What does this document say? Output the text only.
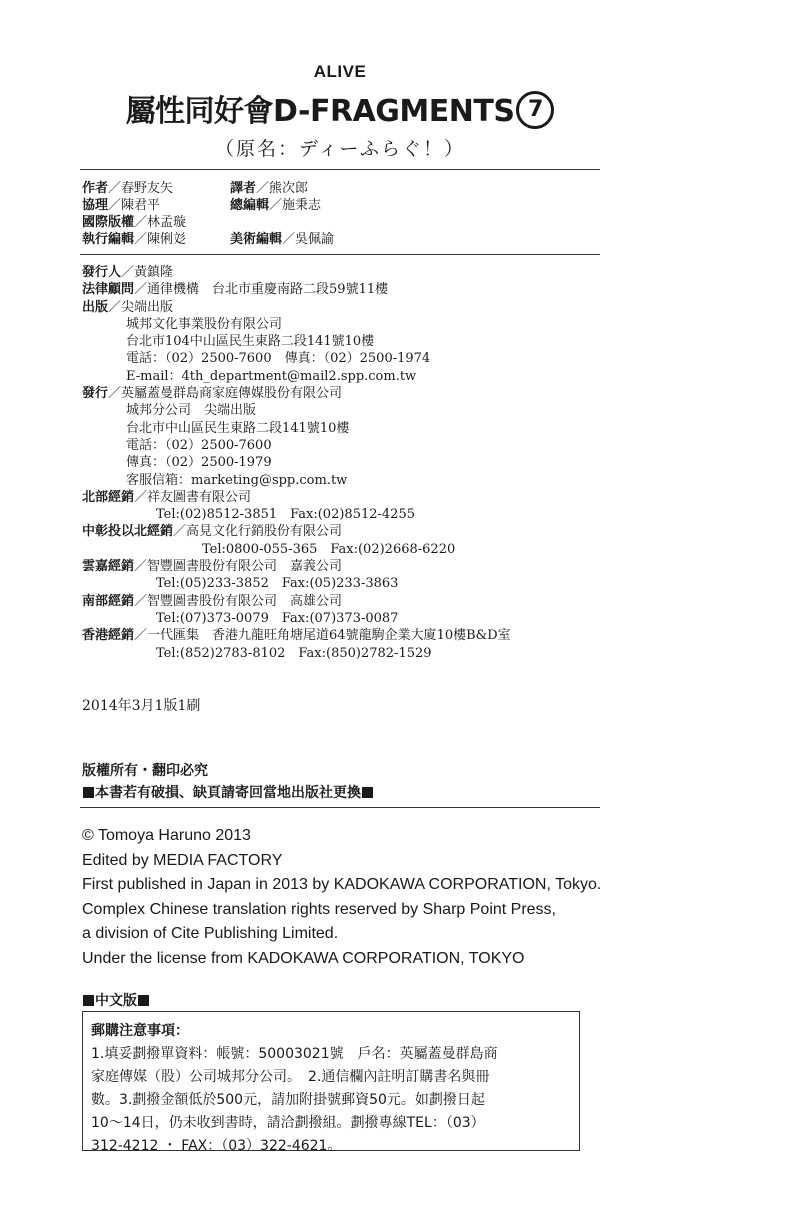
ALIVE
屬性同好會D-FRAGMENTS 7
（原名：ディーふらぐ！）
作者／春野友矢
協理／陳君平
國際版權／林孟璇
執行編輯／陳俐彣
譯者／熊次郎
總編輯／施秉志

美術編輯／吳佩諭
發行人／黃鎮隆
法律顧問／通律機構　台北市重慶南路二段59號11樓
出版／尖端出版
城邦文化事業股份有限公司
台北市104中山區民生東路二段141號10樓
電話：（02）2500-7600　傳真：（02）2500-1974
E-mail：4th_department@mail2.spp.com.tw
發行／英屬蓋曼群島商家庭傳媒股份有限公司
城邦分公司　尖端出版
台北市中山區民生東路二段141號10樓
電話：（02）2500-7600
傳真：（02）2500-1979
客服信箱：marketing@spp.com.tw
北部經銷／祥友圖書有限公司
Tel:(02)8512-3851　Fax:(02)8512-4255
中彰投以北經銷／高見文化行銷股份有限公司
Tel:0800-055-365　Fax:(02)2668-6220
雲嘉經銷／智豐圖書股份有限公司　嘉義公司
Tel:(05)233-3852　Fax:(05)233-3863
南部經銷／智豐圖書股份有限公司　高雄公司
Tel:(07)373-0079　Fax:(07)373-0087
香港經銷／一代匯集　香港九龍旺角塘尾道64號龍駒企業大廈10樓B&D室
Tel:(852)2783-8102　Fax:(850)2782-1529
2014年3月1版1刷
版權所有・翻印必究
本書若有破損、缺頁請寄回當地出版社更換
© Tomoya Haruno 2013
Edited by MEDIA FACTORY
First published in Japan in 2013 by KADOKAWA CORPORATION, Tokyo.
Complex Chinese translation rights reserved by Sharp Point Press,
a division of Cite Publishing Limited.
Under the license from KADOKAWA CORPORATION, TOKYO
中文版
郵購注意事項：
1.填妥劃撥單資料：帳號：50003021號　戶名：英屬蓋曼群島商
家庭傳媒（股）公司城邦分公司。　2.通信欄內註明訂購書名與冊
數。3.劃撥金額低於500元，請加附掛號郵資50元。如劃撥日起
10～14日，仍未收到書時，請洽劃撥組。劃撥專線TEL：（03）
312-4212 ・ FAX：（03）322-4621。
